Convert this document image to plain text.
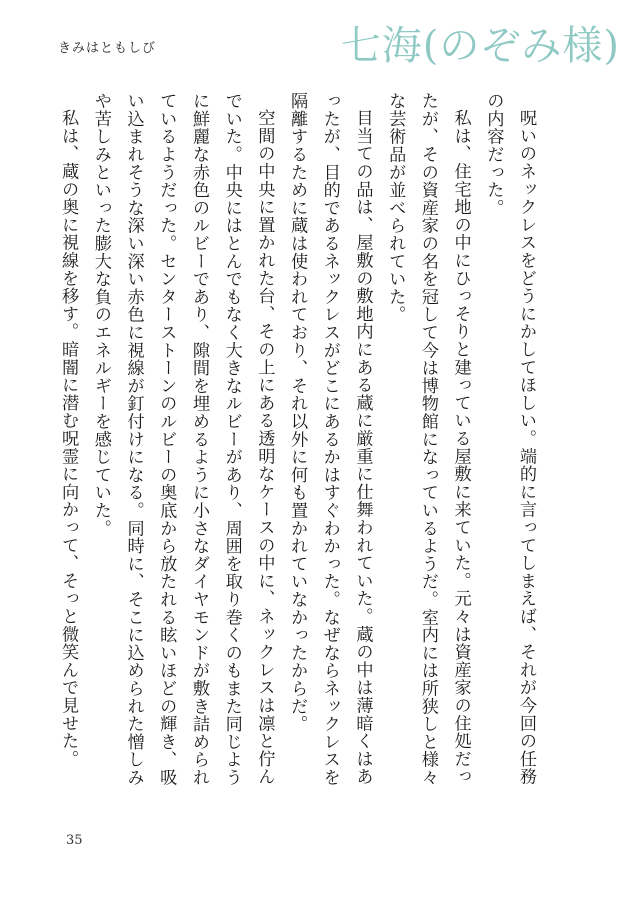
きみはともしび	七海(のぞみ様)

呪いのネックレスをどうにかしてほしい。端的に言ってしまえば、それが今回の任務の内容だった。

私は、住宅地の中にひっそりと建っている屋敷に来ていた。元々は資産家の住処だったが、その資産家の名を冠して今は博物館になっているようだ。室内には所狭しと様々な芸術品が並べられていた。

目当ての品は、屋敷の敷地内にある蔵に厳重に仕舞われていた。蔵の中は薄暗くはあったが、目的であるネックレスがどこにあるかはすぐわかった。なぜならネックレスを隔離するために蔵は使われており、それ以外に何も置かれていなかったからだ。

空間の中央に置かれた台、その上にある透明なケースの中に、ネックレスは凛と佇んでいた。中央にはとんでもなく大きなルビーがあり、周囲を取り巻くのもまた同じように鮮麗な赤色のルビーであり、隙間を埋めるように小さなダイヤモンドが敷き詰められているようだった。センターストーンのルビーの奥底から放たれる眩いほどの輝き、吸い込まれそうな深い深い赤色に視線が釘付けになる。同時に、そこに込められた憎しみや苦しみといった膨大な負のエネルギーを感じていた。

私は、蔵の奥に視線を移す。暗闇に潜む呪霊に向かって、そっと微笑んで見せた。

35
